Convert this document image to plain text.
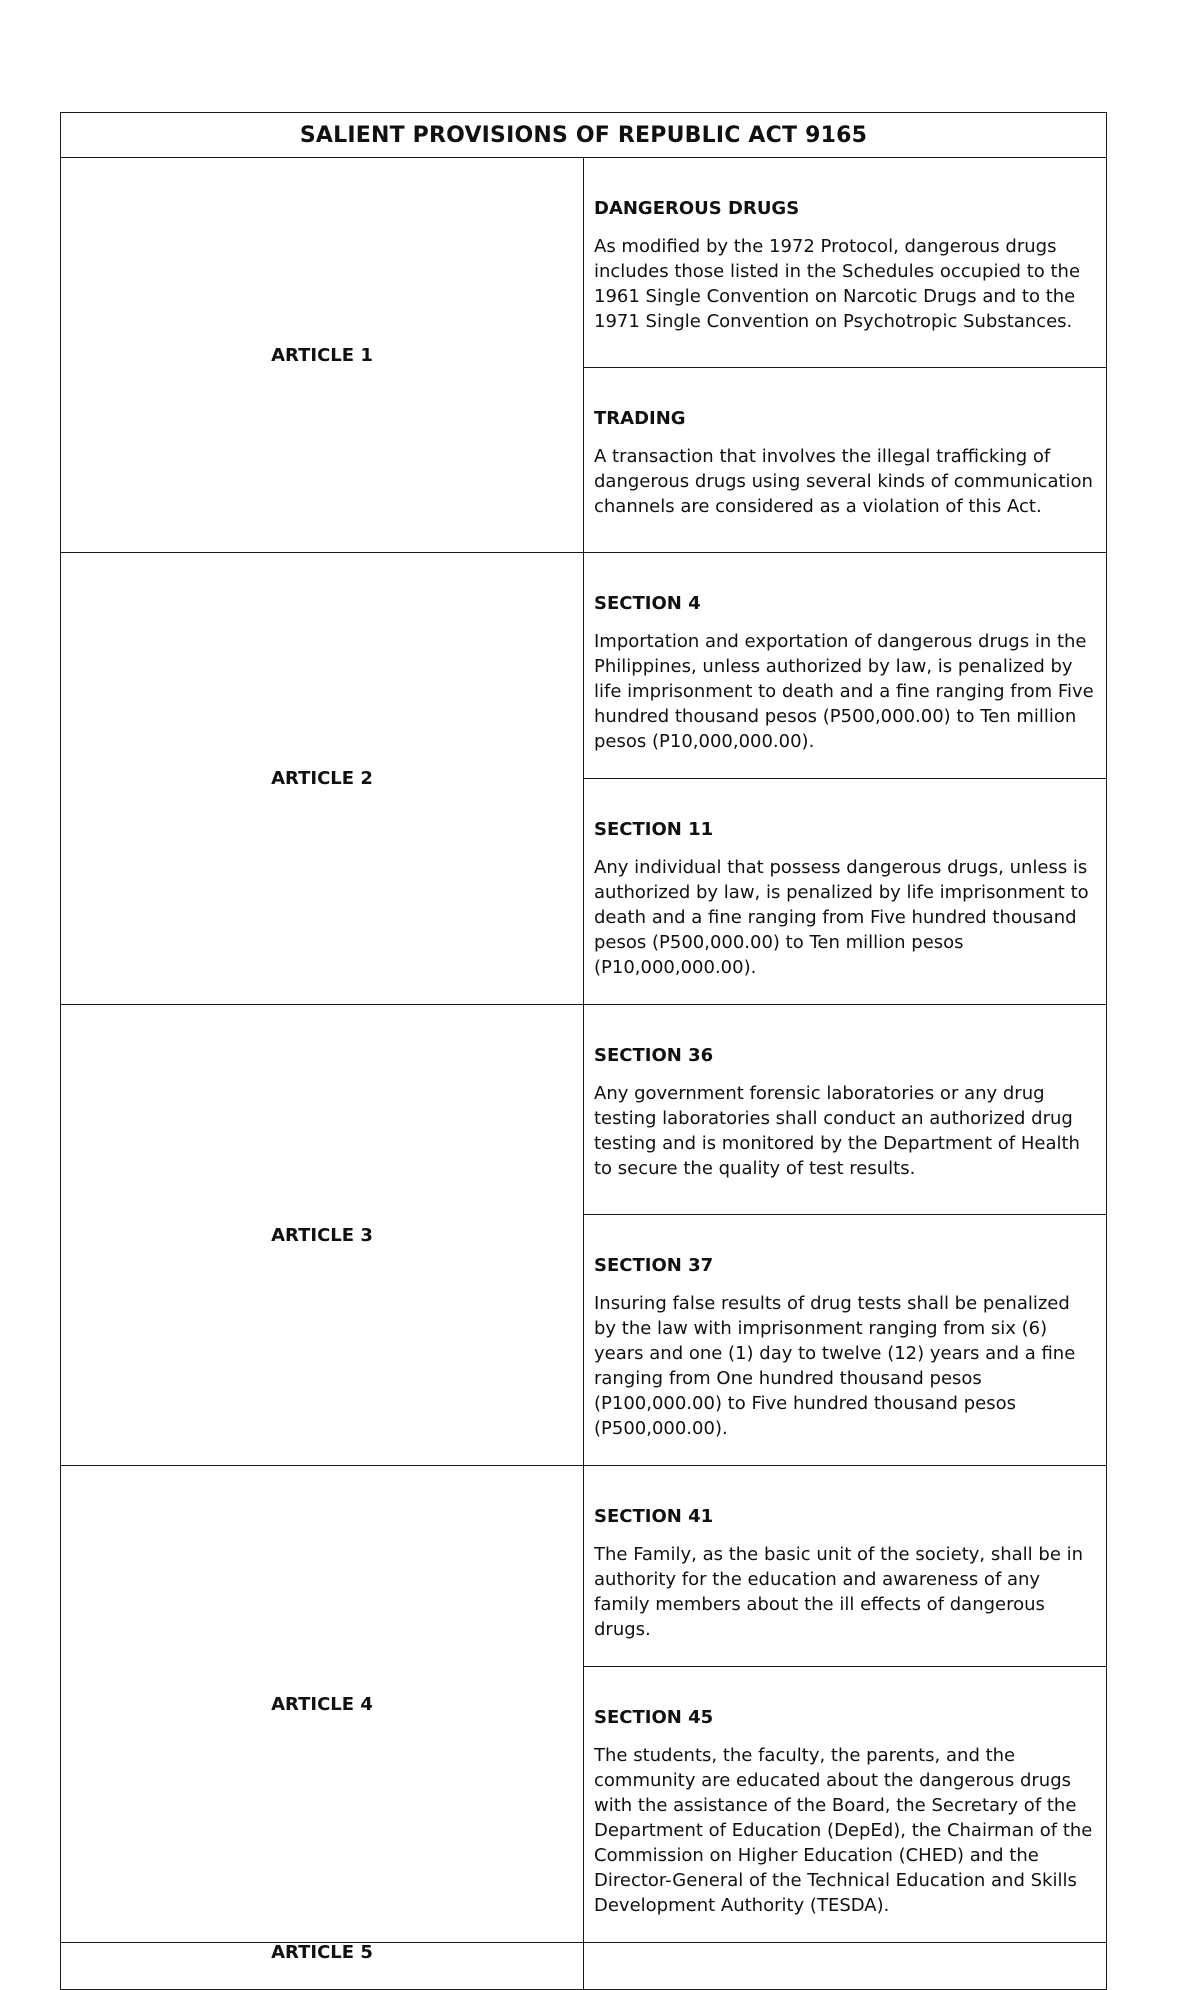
SALIENT PROVISIONS OF REPUBLIC ACT 9165	
ARTICLE 1	DANGEROUS DRUGS

As modified by the 1972 Protocol, dangerous drugs includes those listed in the Schedules occupied to the 1961 Single Convention on Narcotic Drugs and to the 1971 Single Convention on Psychotropic Substances.

	TRADING

A transaction that involves the illegal trafficking of dangerous drugs using several kinds of communication channels are considered as a violation of this Act.

ARTICLE 2	SECTION 4

Importation and exportation of dangerous drugs in the Philippines, unless authorized by law, is penalized by life imprisonment to death and a fine ranging from Five hundred thousand pesos (P500,000.00) to Ten million pesos (P10,000,000.00).

	SECTION 11

Any individual that possess dangerous drugs, unless is authorized by law, is penalized by life imprisonment to death and a fine ranging from Five hundred thousand pesos (P500,000.00) to Ten million pesos (P10,000,000.00).

ARTICLE 3	SECTION 36

Any government forensic laboratories or any drug testing laboratories shall conduct an authorized drug testing and is monitored by the Department of Health to secure the quality of test results.

	SECTION 37

Insuring false results of drug tests shall be penalized by the law with imprisonment ranging from six (6) years and one (1) day to twelve (12) years and a fine ranging from One hundred thousand pesos (P100,000.00) to Five hundred thousand pesos (P500,000.00).

ARTICLE 4	SECTION 41

The Family, as the basic unit of the society, shall be in authority for the education and awareness of any family members about the ill effects of dangerous drugs.

	SECTION 45

The students, the faculty, the parents, and the community are educated about the dangerous drugs with the assistance of the Board, the Secretary of the Department of Education (DepEd), the Chairman of the Commission on Higher Education (CHED) and the Director-General of the Technical Education and Skills Development Authority (TESDA).

ARTICLE 5	
